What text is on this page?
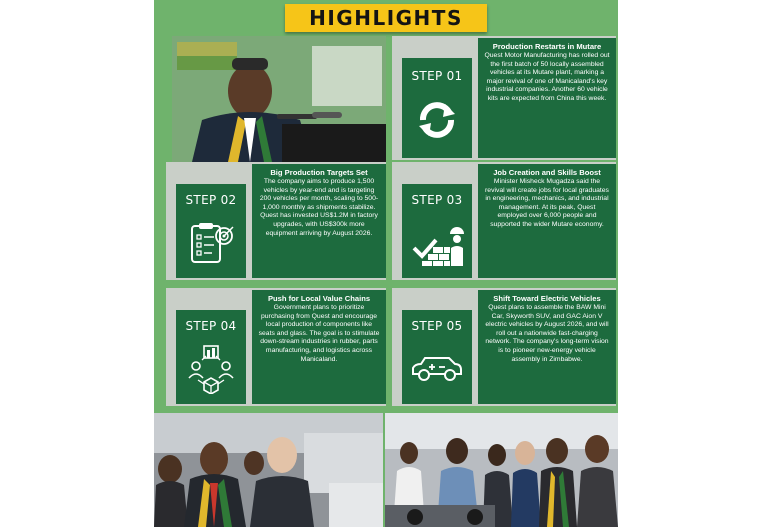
HIGHLIGHTS
STEP 01
Production Restarts in Mutare
Quest Motor Manufacturing has rolled out the first batch of 50 locally assembled vehicles at its Mutare plant, marking a major revival of one of Manicaland's key industrial companies. Another 60 vehicle kits are expected from China this week.
STEP 02
Big Production Targets Set
The company aims to produce 1,500 vehicles by year-end and is targeting 200 vehicles per month, scaling to 500-1,000 monthly as shipments stabilize. Quest has invested US$1.2M in factory upgrades, with US$300k more equipment arriving by August 2026.
STEP 03
Job Creation and Skills Boost
Minister Misheck Mugadza said the revival will create jobs for local graduates in engineering, mechanics, and industrial management. At its peak, Quest employed over 6,000 people and supported the wider Mutare economy.
STEP 04
Push for Local Value Chains
Government plans to prioritize purchasing from Quest and encourage local production of components like seats and glass. The goal is to stimulate down-stream industries in rubber, parts manufacturing, and logistics across Manicaland.
STEP 05
Shift Toward Electric Vehicles
Quest plans to assemble the BAW Mini Car, Skyworth SUV, and GAC Aion V electric vehicles by August 2026, and will roll out a nationwide fast-charging network. The company's long-term vision is to pioneer new-energy vehicle assembly in Zimbabwe.
